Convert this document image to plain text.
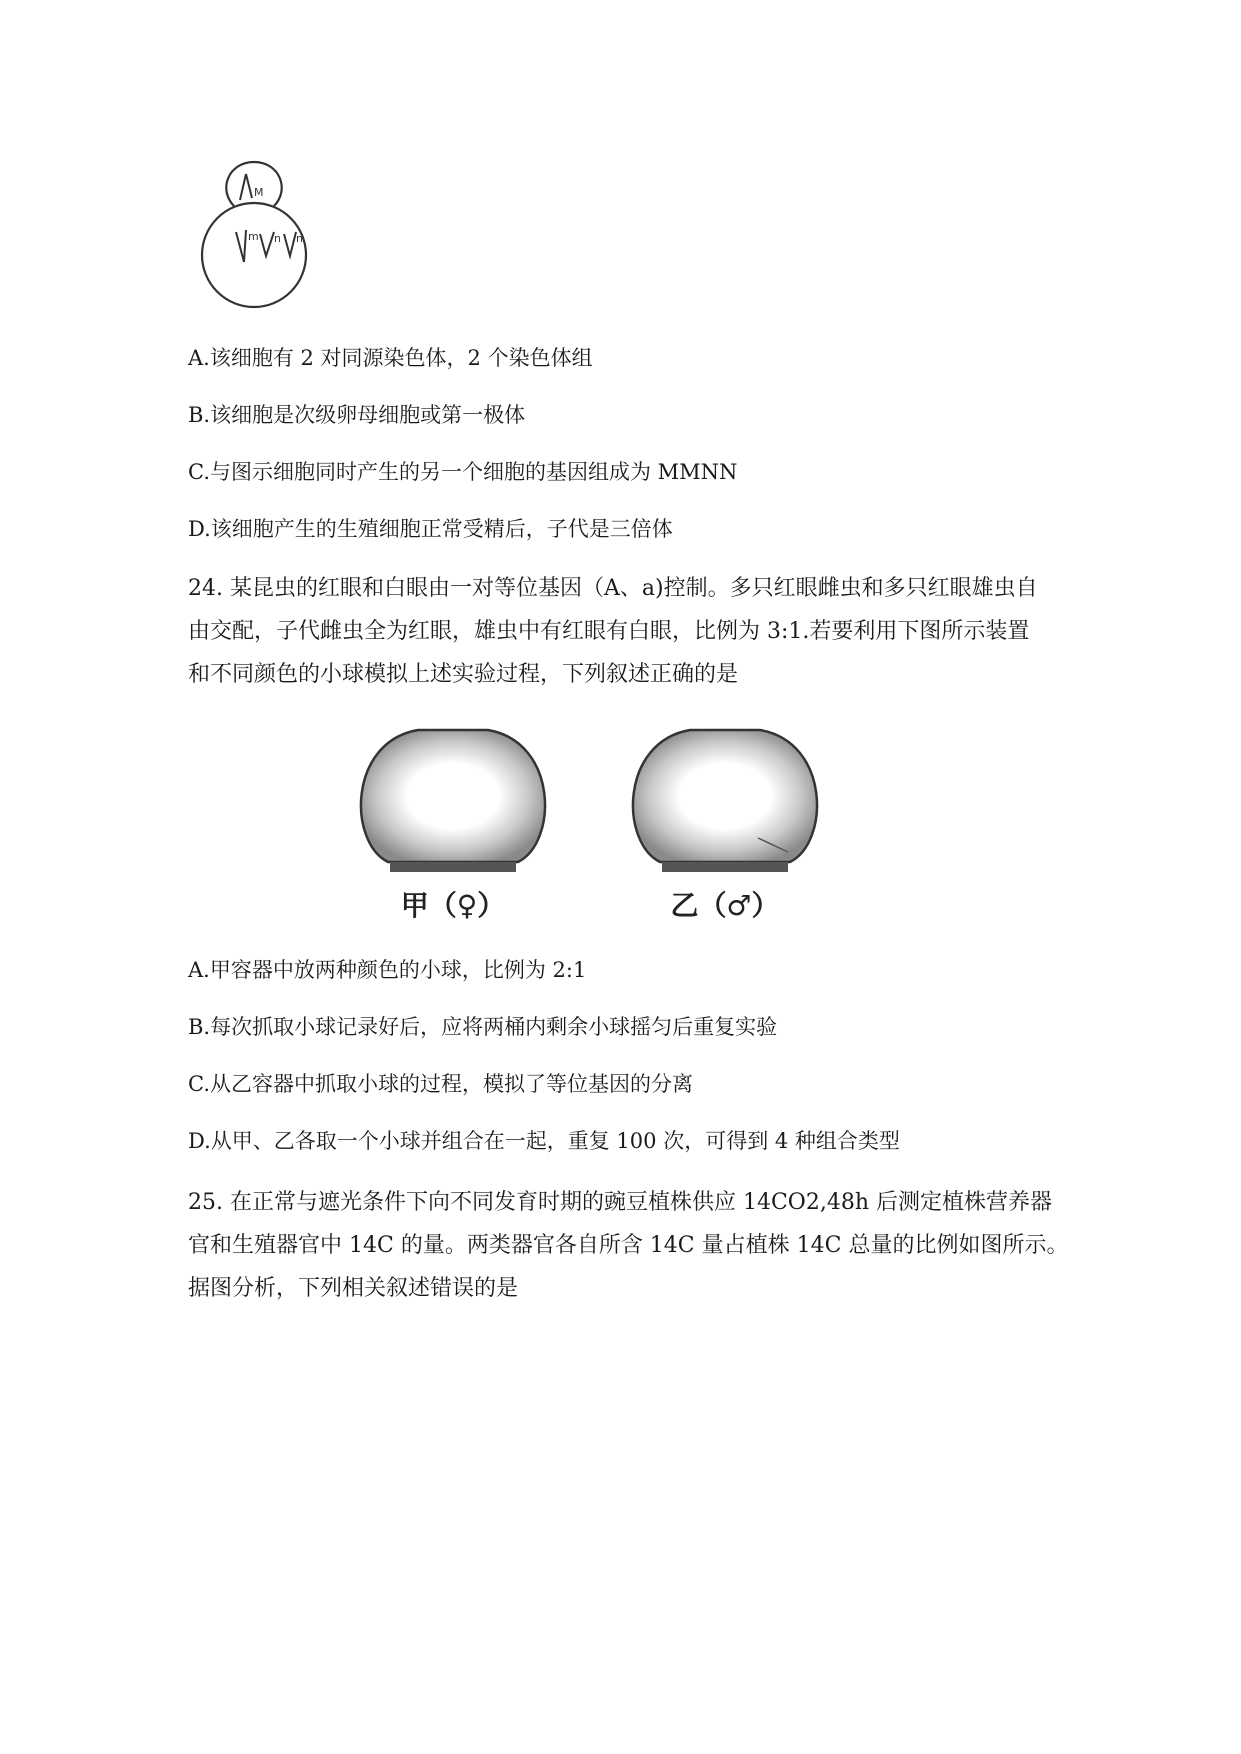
M
m n n
A.该细胞有 2 对同源染色体，2 个染色体组
B.该细胞是次级卵母细胞或第一极体
C.与图示细胞同时产生的另一个细胞的基因组成为 MMNN
D.该细胞产生的生殖细胞正常受精后，子代是三倍体
24. 某昆虫的红眼和白眼由一对等位基因（A、a)控制。多只红眼雌虫和多只红眼雄虫自
由交配，子代雌虫全为红眼，雄虫中有红眼有白眼，比例为 3:1.若要利用下图所示装置
和不同颜色的小球模拟上述实验过程，下列叙述正确的是
甲（♀）	乙（♂）
A.甲容器中放两种颜色的小球，比例为 2:1
B.每次抓取小球记录好后，应将两桶内剩余小球摇匀后重复实验
C.从乙容器中抓取小球的过程，模拟了等位基因的分离
D.从甲、乙各取一个小球并组合在一起，重复 100 次，可得到 4 种组合类型
25. 在正常与遮光条件下向不同发育时期的豌豆植株供应 14CO2,48h 后测定植株营养器
官和生殖器官中 14C 的量。两类器官各自所含 14C 量占植株 14C 总量的比例如图所示。
据图分析，下列相关叙述错误的是
